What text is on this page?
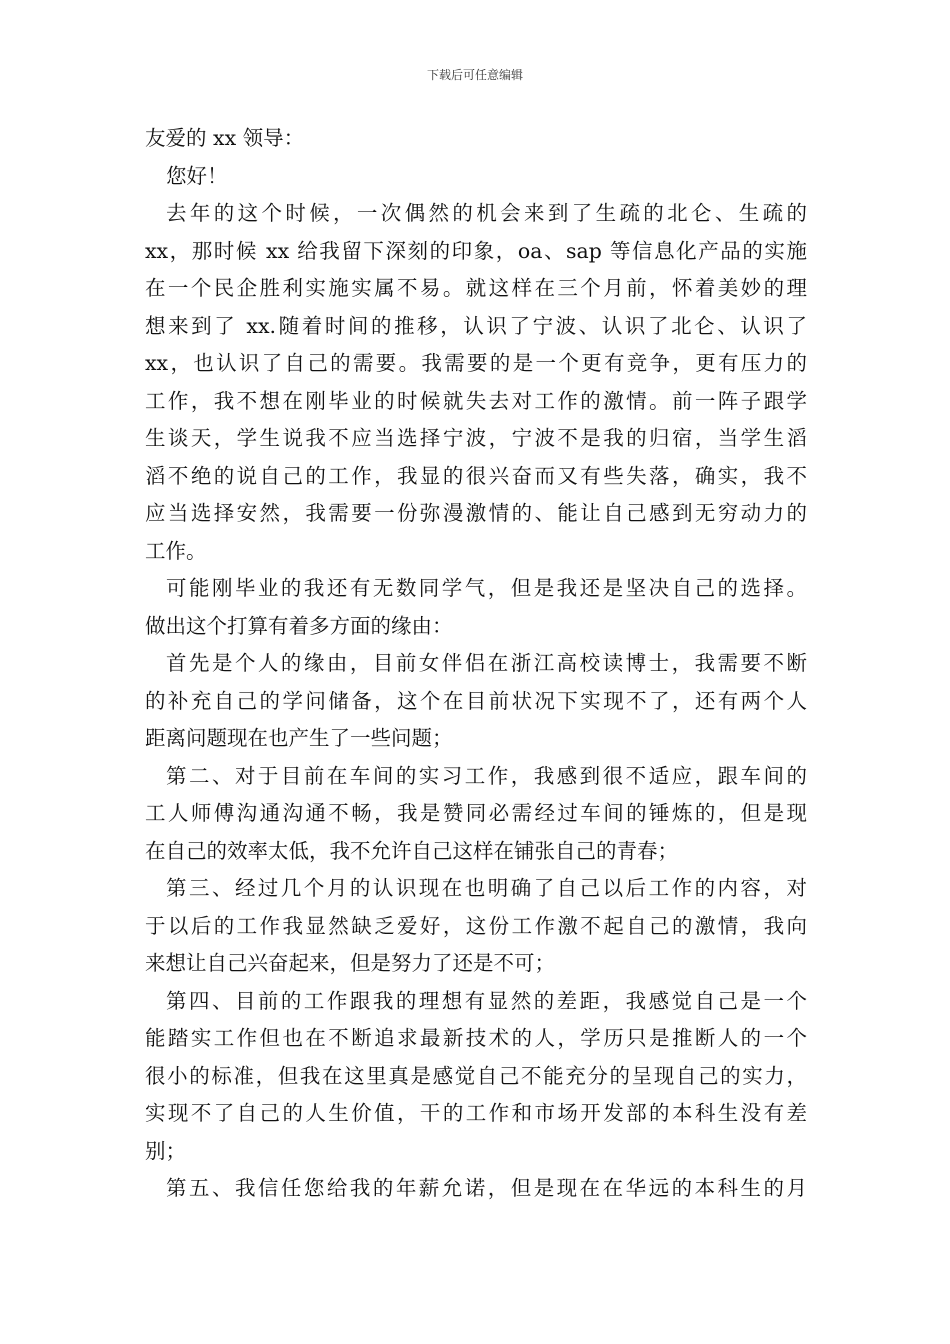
下载后可任意编辑
友爱的 xx 领导：
您好！
去年的这个时候，一次偶然的机会来到了生疏的北仑、生疏的
xx，那时候 xx 给我留下深刻的印象，oa、sap 等信息化产品的实施
在一个民企胜利实施实属不易。就这样在三个月前，怀着美妙的理
想来到了 xx.随着时间的推移，认识了宁波、认识了北仑、认识了
xx，也认识了自己的需要。我需要的是一个更有竞争，更有压力的
工作，我不想在刚毕业的时候就失去对工作的激情。前一阵子跟学
生谈天，学生说我不应当选择宁波，宁波不是我的归宿，当学生滔
滔不绝的说自己的工作，我显的很兴奋而又有些失落，确实，我不
应当选择安然，我需要一份弥漫激情的、能让自己感到无穷动力的
工作。
可能刚毕业的我还有无数同学气，但是我还是坚决自己的选择。
做出这个打算有着多方面的缘由：
首先是个人的缘由，目前女伴侣在浙江高校读博士，我需要不断
的补充自己的学问储备，这个在目前状况下实现不了，还有两个人
距离问题现在也产生了一些问题；
第二、对于目前在车间的实习工作，我感到很不适应，跟车间的
工人师傅沟通沟通不畅，我是赞同必需经过车间的锤炼的，但是现
在自己的效率太低，我不允许自己这样在铺张自己的青春；
第三、经过几个月的认识现在也明确了自己以后工作的内容，对
于以后的工作我显然缺乏爱好，这份工作激不起自己的激情，我向
来想让自己兴奋起来，但是努力了还是不可；
第四、目前的工作跟我的理想有显然的差距，我感觉自己是一个
能踏实工作但也在不断追求最新技术的人，学历只是推断人的一个
很小的标准，但我在这里真是感觉自己不能充分的呈现自己的实力，
实现不了自己的人生价值，干的工作和市场开发部的本科生没有差
别；
第五、我信任您给我的年薪允诺，但是现在在华远的本科生的月
